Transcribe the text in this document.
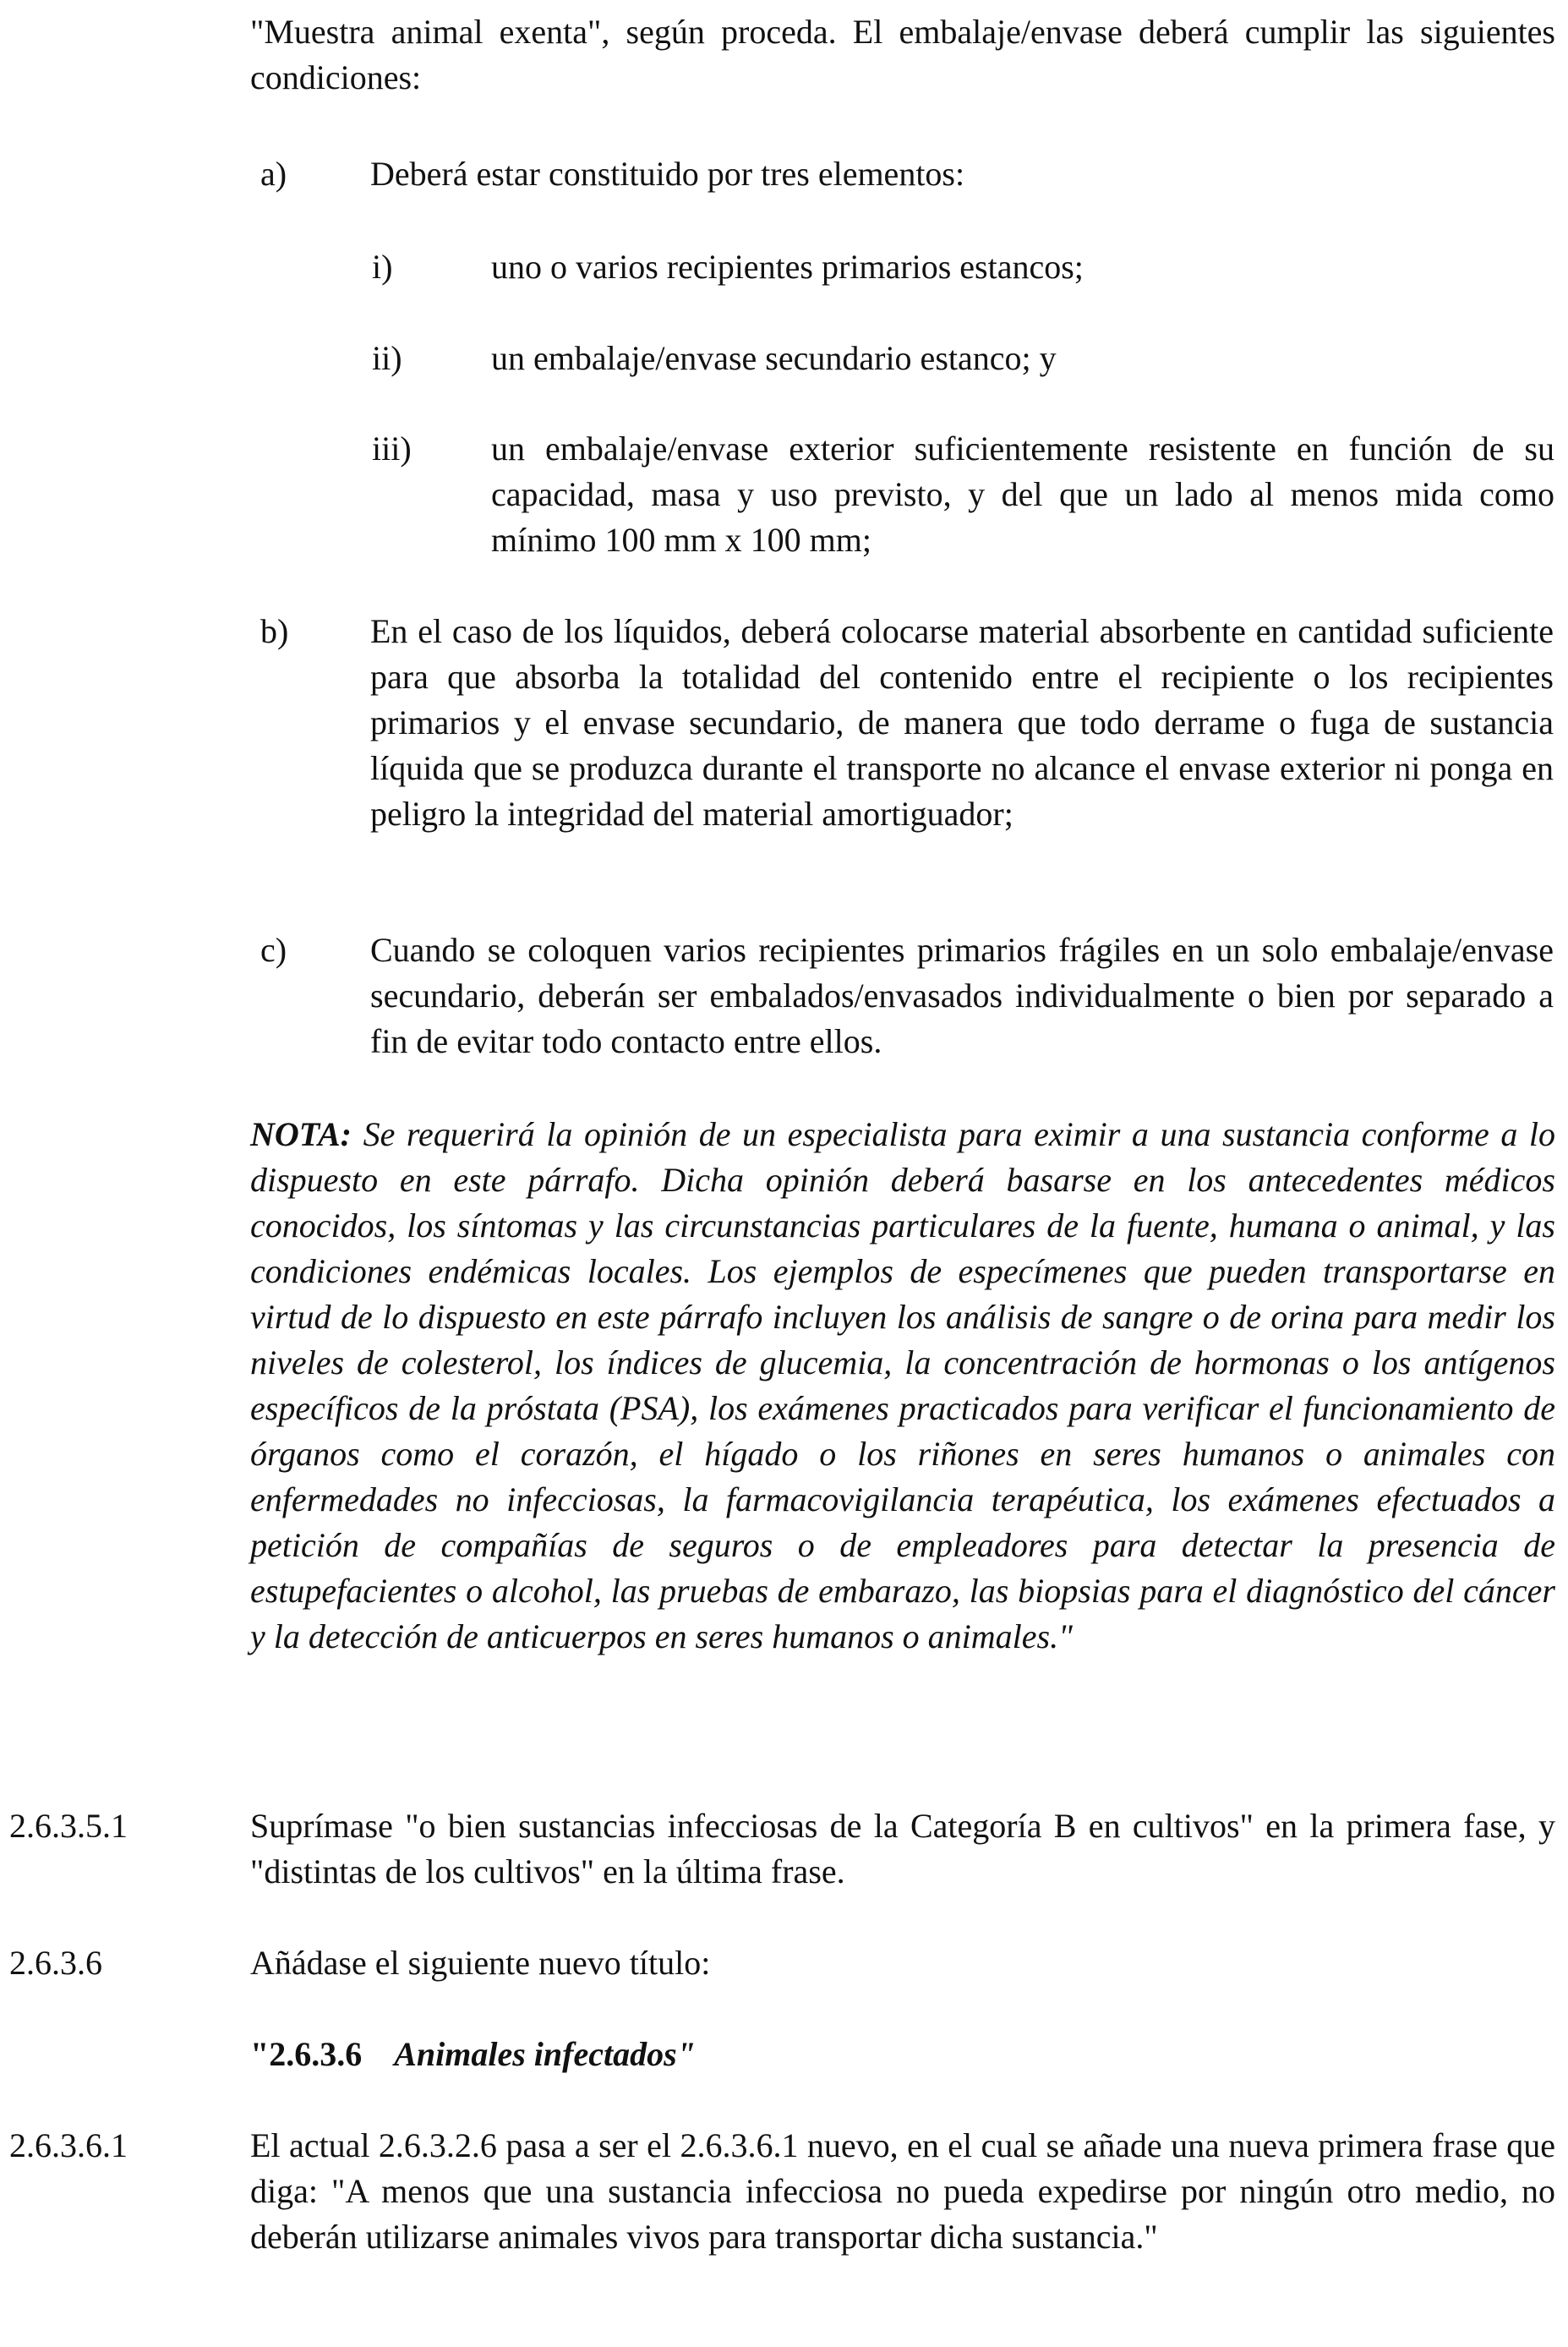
"Muestra animal exenta", según proceda. El embalaje/envase deberá cumplir las siguientes condiciones:

a) Deberá estar constituido por tres elementos:

i)	uno o varios recipientes primarios estancos;

ii)	un embalaje/envase secundario estanco; y

iii) un embalaje/envase exterior suficientemente resistente en función de su capacidad, masa y uso previsto, y del que un lado al menos mida como mínimo 100 mm x 100 mm;

b) En el caso de los líquidos, deberá colocarse material absorbente en cantidad suficiente para que absorba la totalidad del contenido entre el recipiente o los recipientes primarios y el envase secundario, de manera que todo derrame o fuga de sustancia líquida que se produzca durante el transporte no alcance el envase exterior ni ponga en peligro la integridad del material amortiguador;

c) Cuando se coloquen varios recipientes primarios frágiles en un solo embalaje/envase secundario, deberán ser embalados/envasados individualmente o bien por separado a fin de evitar todo contacto entre ellos.

NOTA: Se requerirá la opinión de un especialista para eximir a una sustancia conforme a lo dispuesto en este párrafo. Dicha opinión deberá basarse en los antecedentes médicos conocidos, los síntomas y las circunstancias particulares de la fuente, humana o animal, y las condiciones endémicas locales. Los ejemplos de especímenes que pueden transportarse en virtud de lo dispuesto en este párrafo incluyen los análisis de sangre o de orina para medir los niveles de colesterol, los índices de glucemia, la concentración de hormonas o los antígenos específicos de la próstata (PSA), los exámenes practicados para verificar el funcionamiento de órganos como el corazón, el hígado o los riñones en seres humanos o animales con enfermedades no infecciosas, la farmacovigilancia terapéutica, los exámenes efectuados a petición de compañías de seguros o de empleadores para detectar la presencia de estupefacientes o alcohol, las pruebas de embarazo, las biopsias para el diagnóstico del cáncer y la detección de anticuerpos en seres humanos o animales."

2.6.3.5.1	Suprímase "o bien sustancias infecciosas de la Categoría B en cultivos" en la primera fase, y "distintas de los cultivos" en la última frase.

2.6.3.6	Añádase el siguiente nuevo título:

"2.6.3.6 Animales infectados"

2.6.3.6.1	El actual 2.6.3.2.6 pasa a ser el 2.6.3.6.1 nuevo, en el cual se añade una nueva primera frase que diga: "A menos que una sustancia infecciosa no pueda expedirse por ningún otro medio, no deberán utilizarse animales vivos para transportar dicha sustancia."
